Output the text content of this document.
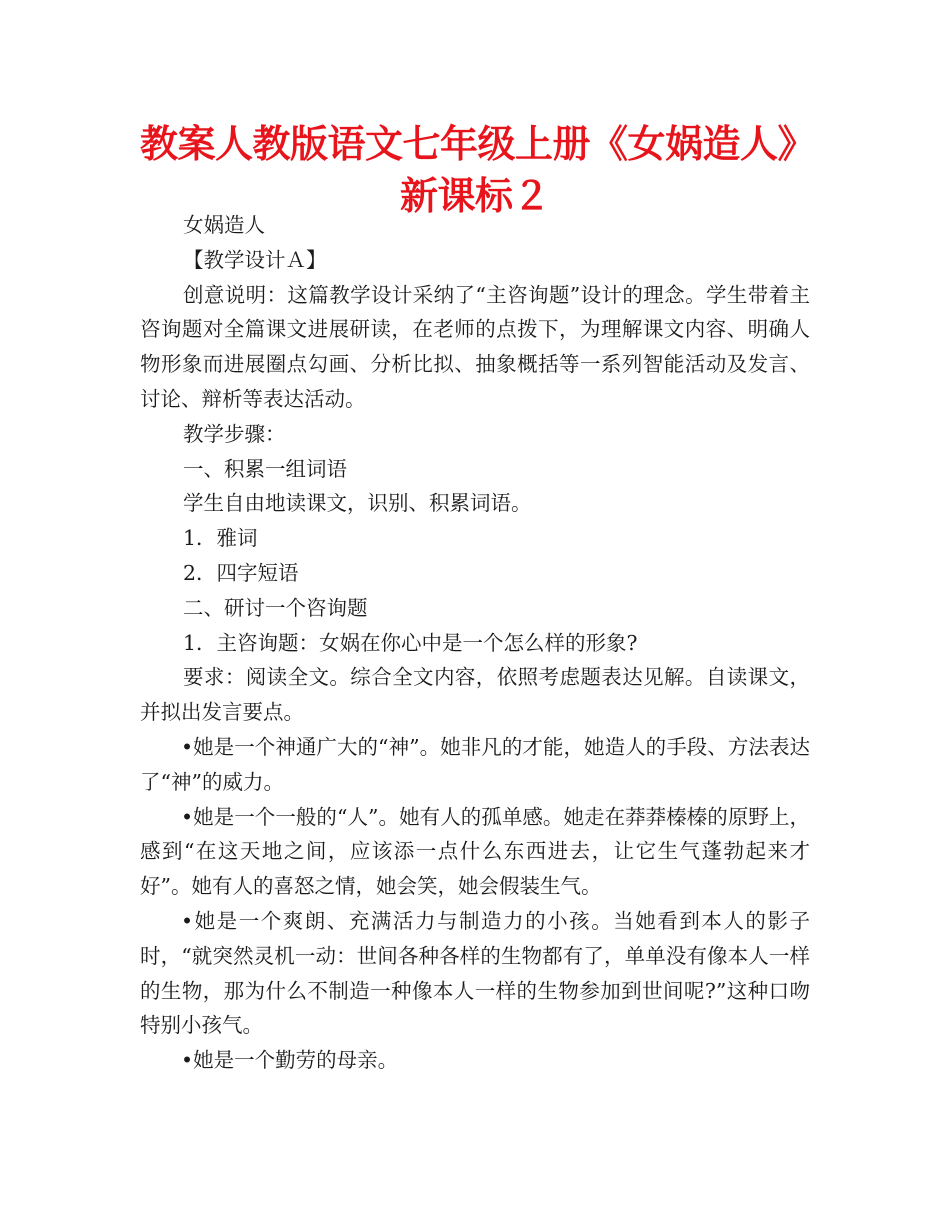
教案人教版语文七年级上册《女娲造人》
新课标２

女娲造人

【教学设计Ａ】

创意说明：这篇教学设计采纳了“主咨询题”设计的理念。学生带着主咨询题对全篇课文进展研读，在老师的点拨下，为理解课文内容、明确人物形象而进展圈点勾画、分析比拟、抽象概括等一系列智能活动及发言、讨论、辩析等表达活动。

教学步骤：

一、积累一组词语

学生自由地读课文，识别、积累词语。

1．雅词

2．四字短语

二、研讨一个咨询题

1．主咨询题：女娲在你心中是一个怎么样的形象?

要求：阅读全文。综合全文内容，依照考虑题表达见解。自读课文，并拟出发言要点。

•她是一个神通广大的“神”。她非凡的才能，她造人的手段、方法表达了“神”的威力。

•她是一个一般的“人”。她有人的孤单感。她走在莽莽榛榛的原野上，感到“在这天地之间，应该添一点什么东西进去，让它生气蓬勃起来才好”。她有人的喜怒之情，她会笑，她会假装生气。

•她是一个爽朗、充满活力与制造力的小孩。当她看到本人的影子时，“就突然灵机一动：世间各种各样的生物都有了，单单没有像本人一样的生物，那为什么不制造一种像本人一样的生物参加到世间呢?”这种口吻特别小孩气。

•她是一个勤劳的母亲。
